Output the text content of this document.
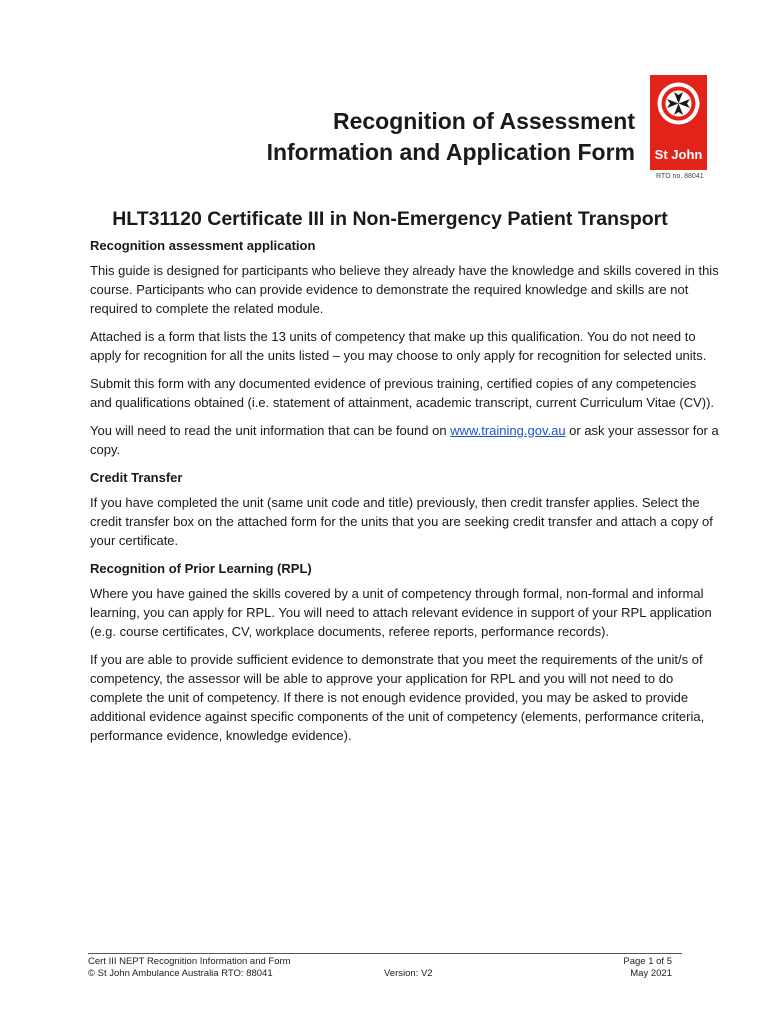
Recognition of Assessment
Information and Application Form	St John
RTO no. 88041
HLT31120 Certificate III in Non-Emergency Patient Transport
Recognition assessment application

This guide is designed for participants who believe they already have the knowledge and skills covered in this course. Participants who can provide evidence to demonstrate the required knowledge and skills are not required to complete the related module.

Attached is a form that lists the 13 units of competency that make up this qualification. You do not need to apply for recognition for all the units listed – you may choose to only apply for recognition for selected units.

Submit this form with any documented evidence of previous training, certified copies of any competencies and qualifications obtained (i.e. statement of attainment, academic transcript, current Curriculum Vitae (CV)).

You will need to read the unit information that can be found on www.training.gov.au or ask your assessor for a copy.

Credit Transfer

If you have completed the unit (same unit code and title) previously, then credit transfer applies. Select the credit transfer box on the attached form for the units that you are seeking credit transfer and attach a copy of your certificate.

Recognition of Prior Learning (RPL)

Where you have gained the skills covered by a unit of competency through formal, non-formal and informal learning, you can apply for RPL. You will need to attach relevant evidence in support of your RPL application (e.g. course certificates, CV, workplace documents, referee reports, performance records).

If you are able to provide sufficient evidence to demonstrate that you meet the requirements of the unit/s of competency, the assessor will be able to approve your application for RPL and you will not need to do complete the unit of competency. If there is not enough evidence provided, you may be asked to provide additional evidence against specific components of the unit of competency (elements, performance criteria, performance evidence, knowledge evidence).

Cert III NEPT Recognition Information and Form
© St John Ambulance Australia RTO: 88041	Version: V2
Page 1 of 5
May 2021
